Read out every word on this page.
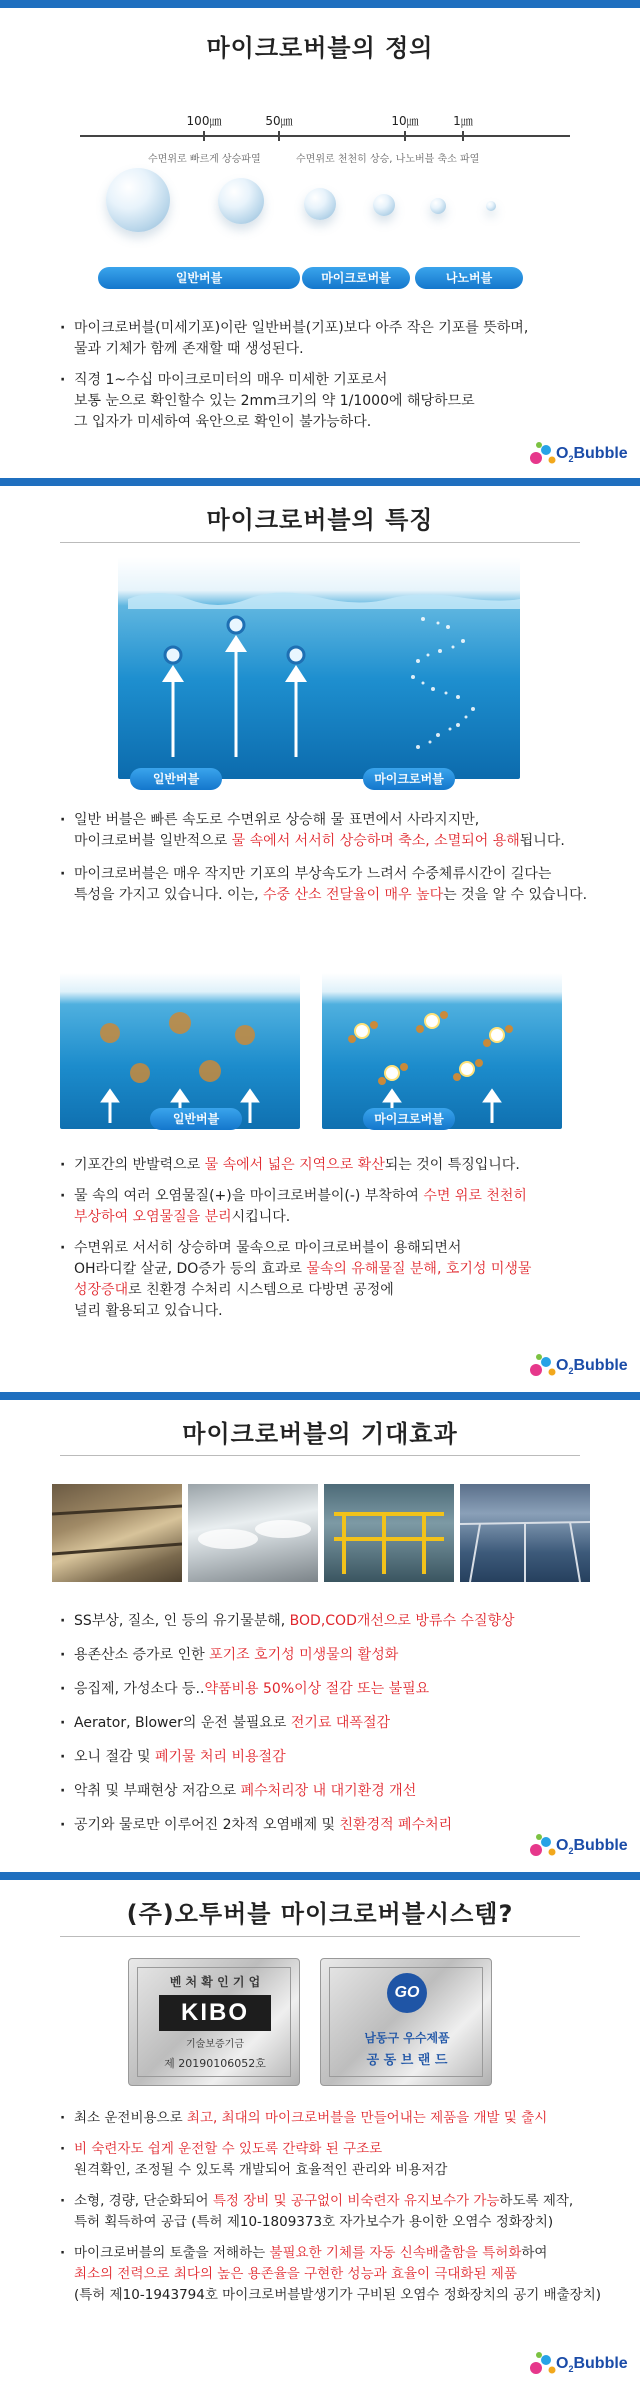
마이크로버블의 정의
100㎛	50㎛	10㎛	1㎛
수면위로 빠르게 상승파열	수면위로 천천히 상승, 나노버블 축소 파열
일반버블	마이크로버블	나노버블
· 마이크로버블(미세기포)이란 일반버블(기포)보다 아주 작은 기포를 뜻하며,
물과 기체가 함께 존재할 때 생성된다.
· 직경 1~수십 마이크로미터의 매우 미세한 기포로서
보통 눈으로 확인할수 있는 2mm크기의 약 1/1000에 해당하므로
그 입자가 미세하여 육안으로 확인이 불가능하다.
$O_2Bubble$
마이크로버블의 특징
일반버블	마이크로버블
· 일반 버블은 빠른 속도로 수면위로 상승해 물 표면에서 사라지지만,
마이크로버블 일반적으로 물 속에서 서서히 상승하며 축소, 소멸되어 용해됩니다.
· 마이크로버블은 매우 작지만 기포의 부상속도가 느려서 수중체류시간이 길다는
특성을 가지고 있습니다. 이는, 수중 산소 전달율이 매우 높다는 것을 알 수 있습니다.
일반버블	마이크로버블
· 기포간의 반발력으로 물 속에서 넓은 지역으로 확산되는 것이 특징입니다.
· 물 속의 여러 오염물질(+)을 마이크로버블이(-) 부착하여 수면 위로 천천히
부상하여 오염물질을 분리시킵니다.
· 수면위로 서서히 상승하며 물속으로 마이크로버블이 용해되면서
OH라디칼 살균, DO증가 등의 효과로 물속의 유해물질 분해, 호기성 미생물
성장증대로 친환경 수처리 시스템으로 다방면 공정에
널리 활용되고 있습니다.
$O_2Bubble$
마이크로버블의 기대효과
· SS부상, 질소, 인 등의 유기물분해, BOD,COD개선으로 방류수 수질향상
· 용존산소 증가로 인한 포기조 호기성 미생물의 활성화
· 응집제, 가성소다 등..약품비용 50%이상 절감 또는 불필요
· Aerator, Blower의 운전 불필요로 전기료 대폭절감
· 오니 절감 및 폐기물 처리 비용절감
· 악취 및 부패현상 저감으로 폐수처리장 내 대기환경 개선
· 공기와 물로만 이루어진 2차적 오염배제 및 친환경적 폐수처리
$O_2Bubble$
(주)오투버블 마이크로버블시스템?
벤 처 확 인 기 업
KIBO
기술보증기금
제 20190106052호
GO
남동구 우수제품
공 동 브 랜 드
· 최소 운전비용으로 최고, 최대의 마이크로버블을 만들어내는 제품을 개발 및 출시
· 비 숙련자도 쉽게 운전할 수 있도록 간략화 된 구조로
원격확인, 조정될 수 있도록 개발되어 효율적인 관리와 비용저감
· 소형, 경량, 단순화되어 특정 장비 및 공구없이 비숙련자 유지보수가 가능하도록 제작,
특허 획득하여 공급 (특허 제10-1809373호 자가보수가 용이한 오염수 정화장치)
· 마이크로버블의 토출을 저해하는 불필요한 기체를 자동 신속배출함을 특허화하여
최소의 전력으로 최다의 높은 용존율을 구현한 성능과 효율이 극대화된 제품
(특허 제10-1943794호 마이크로버블발생기가 구비된 오염수 정화장치의 공기 배출장치)
$O_2Bubble$
